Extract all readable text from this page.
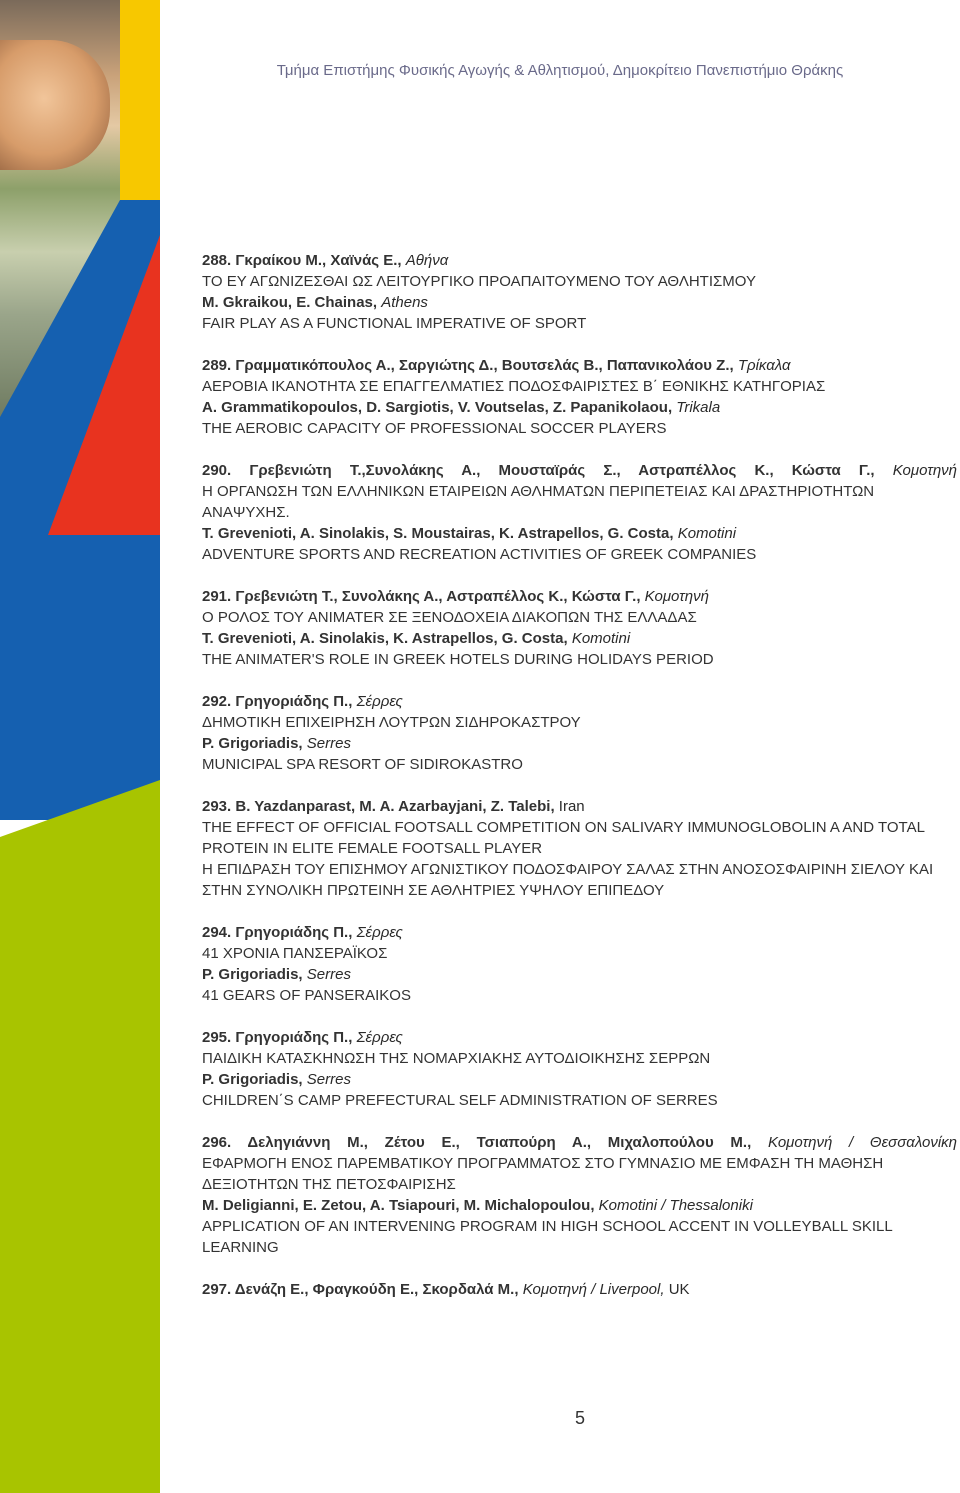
Τμήμα Επιστήμης Φυσικής Αγωγής & Αθλητισμού, Δημοκρίτειο Πανεπιστήμιο Θράκης
288. Γκραίκου Μ., Χαϊνάς Ε., Αθήνα
ΤΟ ΕΥ ΑΓΩΝΙΖΕΣΘΑΙ ΩΣ ΛΕΙΤΟΥΡΓΙΚΟ ΠΡΟΑΠΑΙΤΟΥΜΕΝΟ ΤΟΥ ΑΘΛΗΤΙΣΜΟΥ
M. Gkraikou, E. Chainas, Athens
FAIR PLAY AS A FUNCTIONAL IMPERATIVE OF SPORT
289. Γραμματικόπουλος Α., Σαργιώτης Δ., Βουτσελάς Β., Παπανικολάου Ζ., Τρίκαλα
ΑΕΡΟΒΙΑ ΙΚΑΝΟΤΗΤΑ ΣΕ ΕΠΑΓΓΕΛΜΑΤΙΕΣ ΠΟΔΟΣΦΑΙΡΙΣΤΕΣ Β΄ ΕΘΝΙΚΗΣ ΚΑΤΗΓΟΡΙΑΣ
A. Grammatikopoulos, D. Sargiotis, V. Voutselas, Z. Papanikolaou, Trikala
THE AEROBIC CAPACITY OF PROFESSIONAL SOCCER PLAYERS
290. Γρεβενιώτη Τ.,Συνολάκης Α., Μουσταϊράς Σ., Αστραπέλλος Κ., Κώστα Γ., Κομοτηνή
Η ΟΡΓΑΝΩΣΗ ΤΩΝ ΕΛΛΗΝΙΚΩΝ ΕΤΑΙΡΕΙΩΝ ΑΘΛΗΜΑΤΩΝ ΠΕΡΙΠΕΤΕΙΑΣ ΚΑΙ ΔΡΑΣΤΗΡΙΟΤΗΤΩΝ ΑΝΑΨΥΧΗΣ.
T. Grevenioti, A. Sinolakis, S. Moustairas, K. Astrapellos, G. Costa, Komotini
ADVENTURE SPORTS AND RECREATION ACTIVITIES OF GREEK COMPANIES
291. Γρεβενιώτη Τ., Συνολάκης Α., Αστραπέλλος Κ., Κώστα Γ., Κομοτηνή
Ο ΡΟΛΟΣ ΤΟΥ ANIMATER ΣΕ ΞΕΝΟΔΟΧΕΙΑ ΔΙΑΚΟΠΩΝ ΤΗΣ ΕΛΛΑΔΑΣ
T. Grevenioti, A. Sinolakis, K. Astrapellos, G. Costa, Komotini
THE ANIMATER'S ROLE IN GREEK HOTELS DURING HOLIDAYS PERIOD
292. Γρηγοριάδης Π., Σέρρες
ΔΗΜΟΤΙΚΗ ΕΠΙΧΕΙΡΗΣΗ ΛΟΥΤΡΩΝ ΣΙΔΗΡΟΚΑΣΤΡΟΥ
P. Grigoriadis, Serres
MUNICIPAL SPA RESORT OF SIDIROKASTRO
293. B. Yazdanparast, M. A. Azarbayjani, Z. Talebi, Iran
THE EFFECT OF OFFICIAL FOOTSALL COMPETITION ON SALIVARY IMMUNOGLOBOLIN A AND TOTAL PROTEIN IN ELITE FEMALE FOOTSALL PLAYER
Η ΕΠΙΔΡΑΣΗ ΤΟΥ ΕΠΙΣΗΜΟΥ ΑΓΩΝΙΣΤΙΚΟΥ ΠΟΔΟΣΦΑΙΡΟΥ ΣΑΛΑΣ ΣΤΗΝ ΑΝΟΣΟΣΦΑΙΡΙΝΗ ΣΙΕΛΟΥ ΚΑΙ ΣΤΗΝ ΣΥΝΟΛΙΚΗ ΠΡΩΤΕΙΝΗ ΣΕ ΑΘΛΗΤΡΙΕΣ ΥΨΗΛΟΥ ΕΠΙΠΕΔΟΥ
294. Γρηγοριάδης Π., Σέρρες
41 ΧΡΟΝΙΑ ΠΑΝΣΕΡΑΪΚΟΣ
P. Grigoriadis, Serres
41 GEARS OF PANSERAIKOS
295. Γρηγοριάδης Π., Σέρρες
ΠΑΙΔΙΚΗ ΚΑΤΑΣΚΗΝΩΣΗ ΤΗΣ ΝΟΜΑΡΧΙΑΚΗΣ ΑΥΤΟΔΙΟΙΚΗΣΗΣ ΣΕΡΡΩΝ
P. Grigoriadis, Serres
CHILDREN΄S CAMP PREFECTURAL SELF ADMINISTRATION OF SERRES
296. Δεληγιάννη Μ., Ζέτου Ε., Τσιαπούρη Α., Μιχαλοπούλου Μ., Κομοτηνή / Θεσσαλονίκη
ΕΦΑΡΜΟΓΗ ΕΝΟΣ ΠΑΡΕΜΒΑΤΙΚΟΥ ΠΡΟΓΡΑΜΜΑΤΟΣ ΣΤΟ ΓΥΜΝΑΣΙΟ ΜΕ ΕΜΦΑΣΗ ΤΗ ΜΑΘΗΣΗ ΔΕΞΙΟΤΗΤΩΝ ΤΗΣ ΠΕΤΟΣΦΑΙΡΙΣΗΣ
M. Deligianni, E. Zetou, A. Tsiapouri, M. Michalopoulou, Komotini / Thessaloniki
APPLICATION OF AN INTERVENING PROGRAM IN HIGH SCHOOL ACCENT IN VOLLEYBALL SKILL LEARNING
297. Δενάζη Ε., Φραγκούδη Ε., Σκορδαλά Μ., Κομοτηνή / Liverpool, UK
5
